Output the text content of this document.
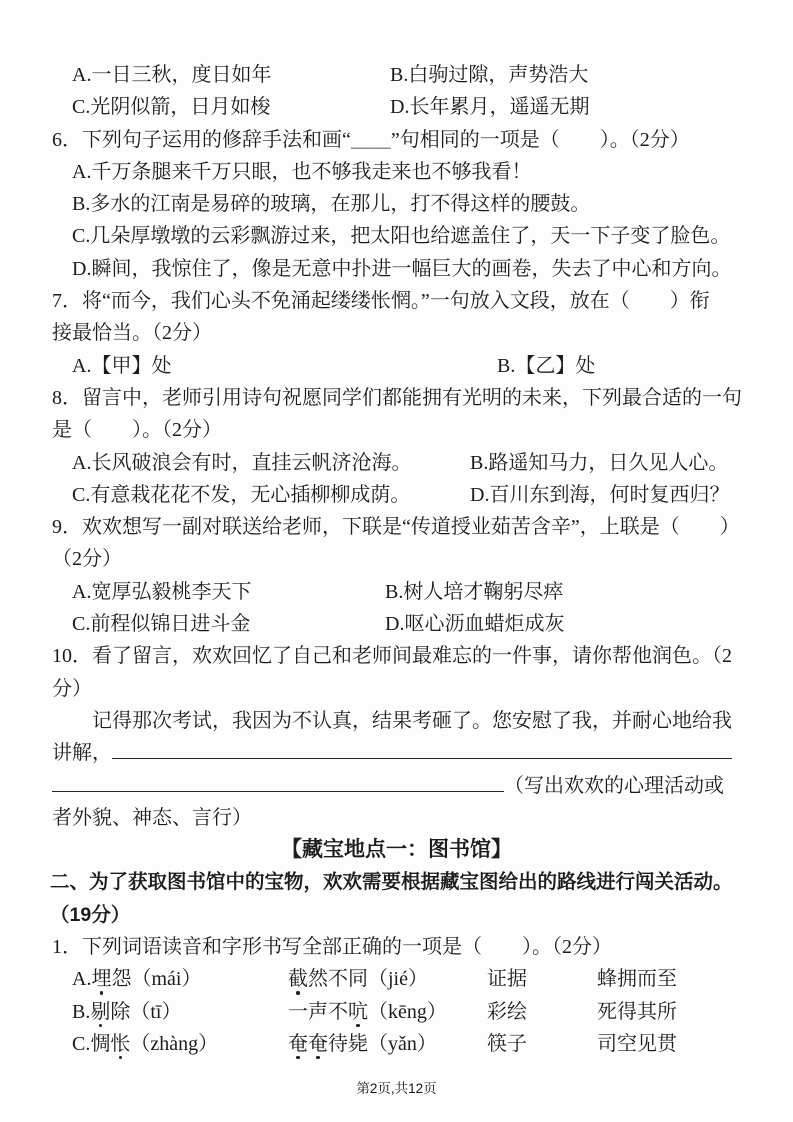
A.一日三秋，度日如年	B.白驹过隙，声势浩大
C.光阴似箭，日月如梭	D.长年累月，遥遥无期
6．下列句子运用的修辞手法和画“＿＿”句相同的一项是（　　）。（2分）
A.千万条腿来千万只眼，也不够我走来也不够我看！
B.多水的江南是易碎的玻璃，在那儿，打不得这样的腰鼓。
C.几朵厚墩墩的云彩飘游过来，把太阳也给遮盖住了，天一下子变了脸色。
D.瞬间，我惊住了，像是无意中扑进一幅巨大的画卷，失去了中心和方向。
7．将“而今，我们心头不免涌起缕缕怅惘。”一句放入文段，放在（　　）衔
接最恰当。（2分）
A.【甲】处	B.【乙】处
8．留言中，老师引用诗句祝愿同学们都能拥有光明的未来，下列最合适的一句
是（　　）。（2分）
A.长风破浪会有时，直挂云帆济沧海。	B.路遥知马力，日久见人心。
C.有意栽花花不发，无心插柳柳成荫。	D.百川东到海，何时复西归？
9．欢欢想写一副对联送给老师，下联是“传道授业茹苦含辛”，上联是（　　）
（2分）
A.宽厚弘毅桃李天下	B.树人培才鞠躬尽瘁
C.前程似锦日进斗金	D.呕心沥血蜡炬成灰
10．看了留言，欢欢回忆了自己和老师间最难忘的一件事，请你帮他润色。（2
分）
记得那次考试，我因为不认真，结果考砸了。您安慰了我，并耐心地给我
讲解，
（写出欢欢的心理活动或
者外貌、神态、言行）
【藏宝地点一：图书馆】
二、为了获取图书馆中的宝物，欢欢需要根据藏宝图给出的路线进行闯关活动。
（19分）
1．下列词语读音和字形书写全部正确的一项是（　　）。（2分）
A.埋怨（mái）	截然不同（jié）	证据	蜂拥而至
B.剔除（tī）	一声不吭（kēng） 彩绘	死得其所
C.惆怅（zhàng）	奄奄待毙（yǎn）	筷子	司空见贯
第2页,共12页
